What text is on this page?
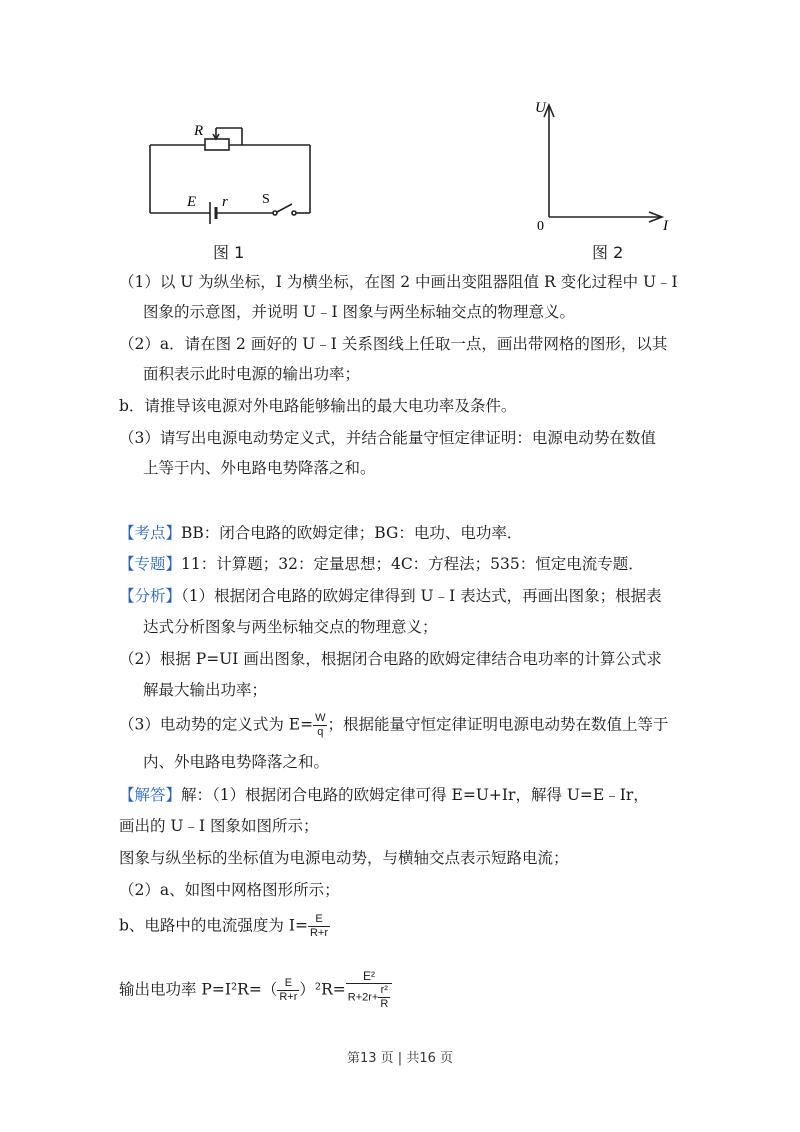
R
E r S
图 1
U
I
0
图 2
（1）以 U 为纵坐标，I 为横坐标，在图 2 中画出变阻器阻值 R 变化过程中 U﹣I
图象的示意图，并说明 U﹣I 图象与两坐标轴交点的物理意义。
（2）a．请在图 2 画好的 U﹣I 关系图线上任取一点，画出带网格的图形，以其
面积表示此时电源的输出功率；
b．请推导该电源对外电路能够输出的最大电功率及条件。
（3）请写出电源电动势定义式，并结合能量守恒定律证明：电源电动势在数值
上等于内、外电路电势降落之和。
【考点】BB：闭合电路的欧姆定律；BG：电功、电功率．
【专题】11：计算题；32：定量思想；4C：方程法；535：恒定电流专题．
【分析】（1）根据闭合电路的欧姆定律得到 U﹣I 表达式，再画出图象；根据表
达式分析图象与两坐标轴交点的物理意义；
（2）根据 P=UI 画出图象，根据闭合电路的欧姆定律结合电功率的计算公式求
解最大输出功率；
（3）电动势的定义式为 $E= \frac{W}{q}$ ；根据能量守恒定律证明电源电动势在数值上等于
内、外电路电势降落之和。
【解答】解：（1）根据闭合电路的欧姆定律可得 E=U+Ir，解得 U=E﹣Ir，
画出的 U﹣I 图象如图所示；
图象与纵坐标的坐标值为电源电动势，与横轴交点表示短路电流；
（2）a、如图中网格图形所示；
b、电路中的电流强度为 $I= \frac{E}{R+r}$
输出电功率 $P=I^2R=( \frac{E}{R+r} )^2R= \frac{\text{E²}}{R+2r+ \frac{\text{r²}}{R}}$
第13 页 | 共16 页
